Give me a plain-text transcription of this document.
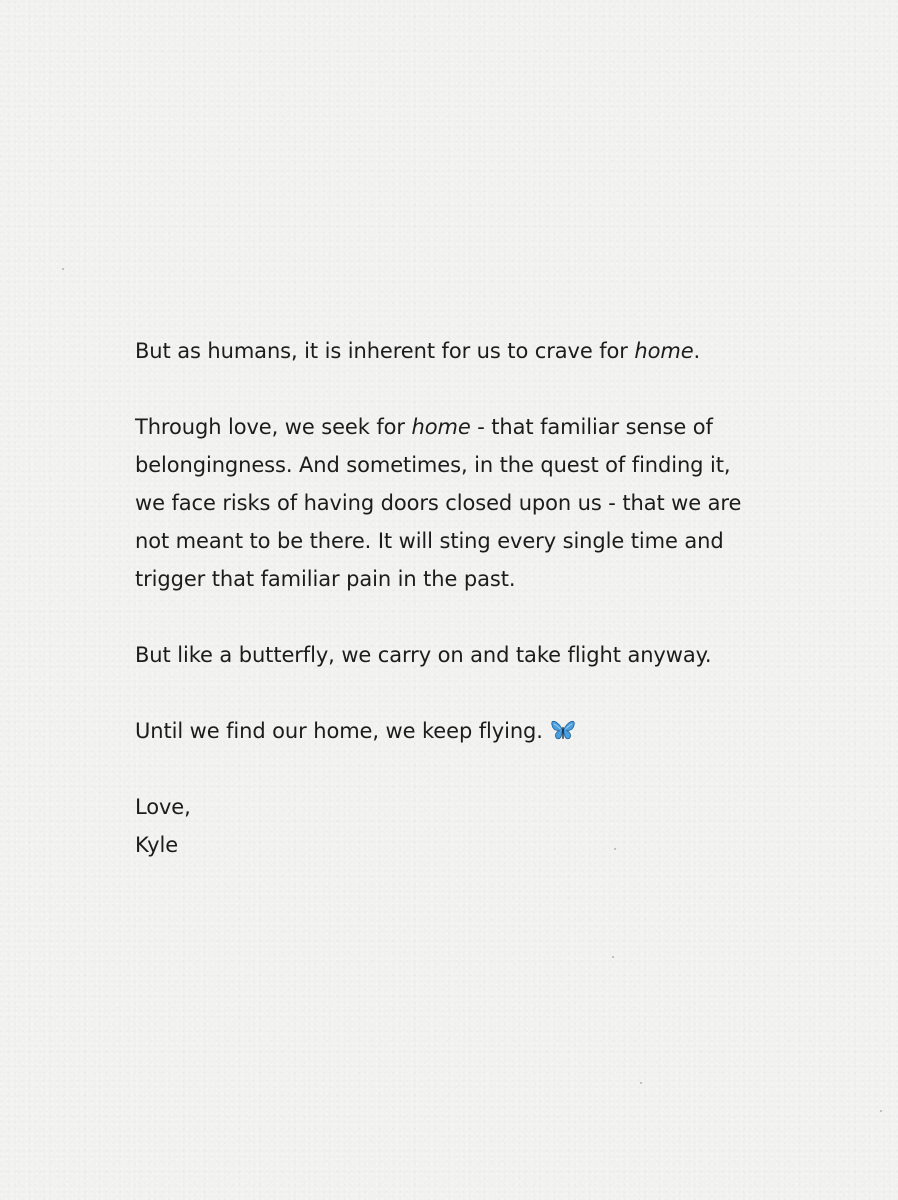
But as humans, it is inherent for us to crave for home.

Through love, we seek for home - that familiar sense of
belongingness. And sometimes, in the quest of finding it,
we face risks of having doors closed upon us - that we are
not meant to be there. It will sting every single time and
trigger that familiar pain in the past.

But like a butterfly, we carry on and take flight anyway.

Until we find our home, we keep flying.

Love,
Kyle
